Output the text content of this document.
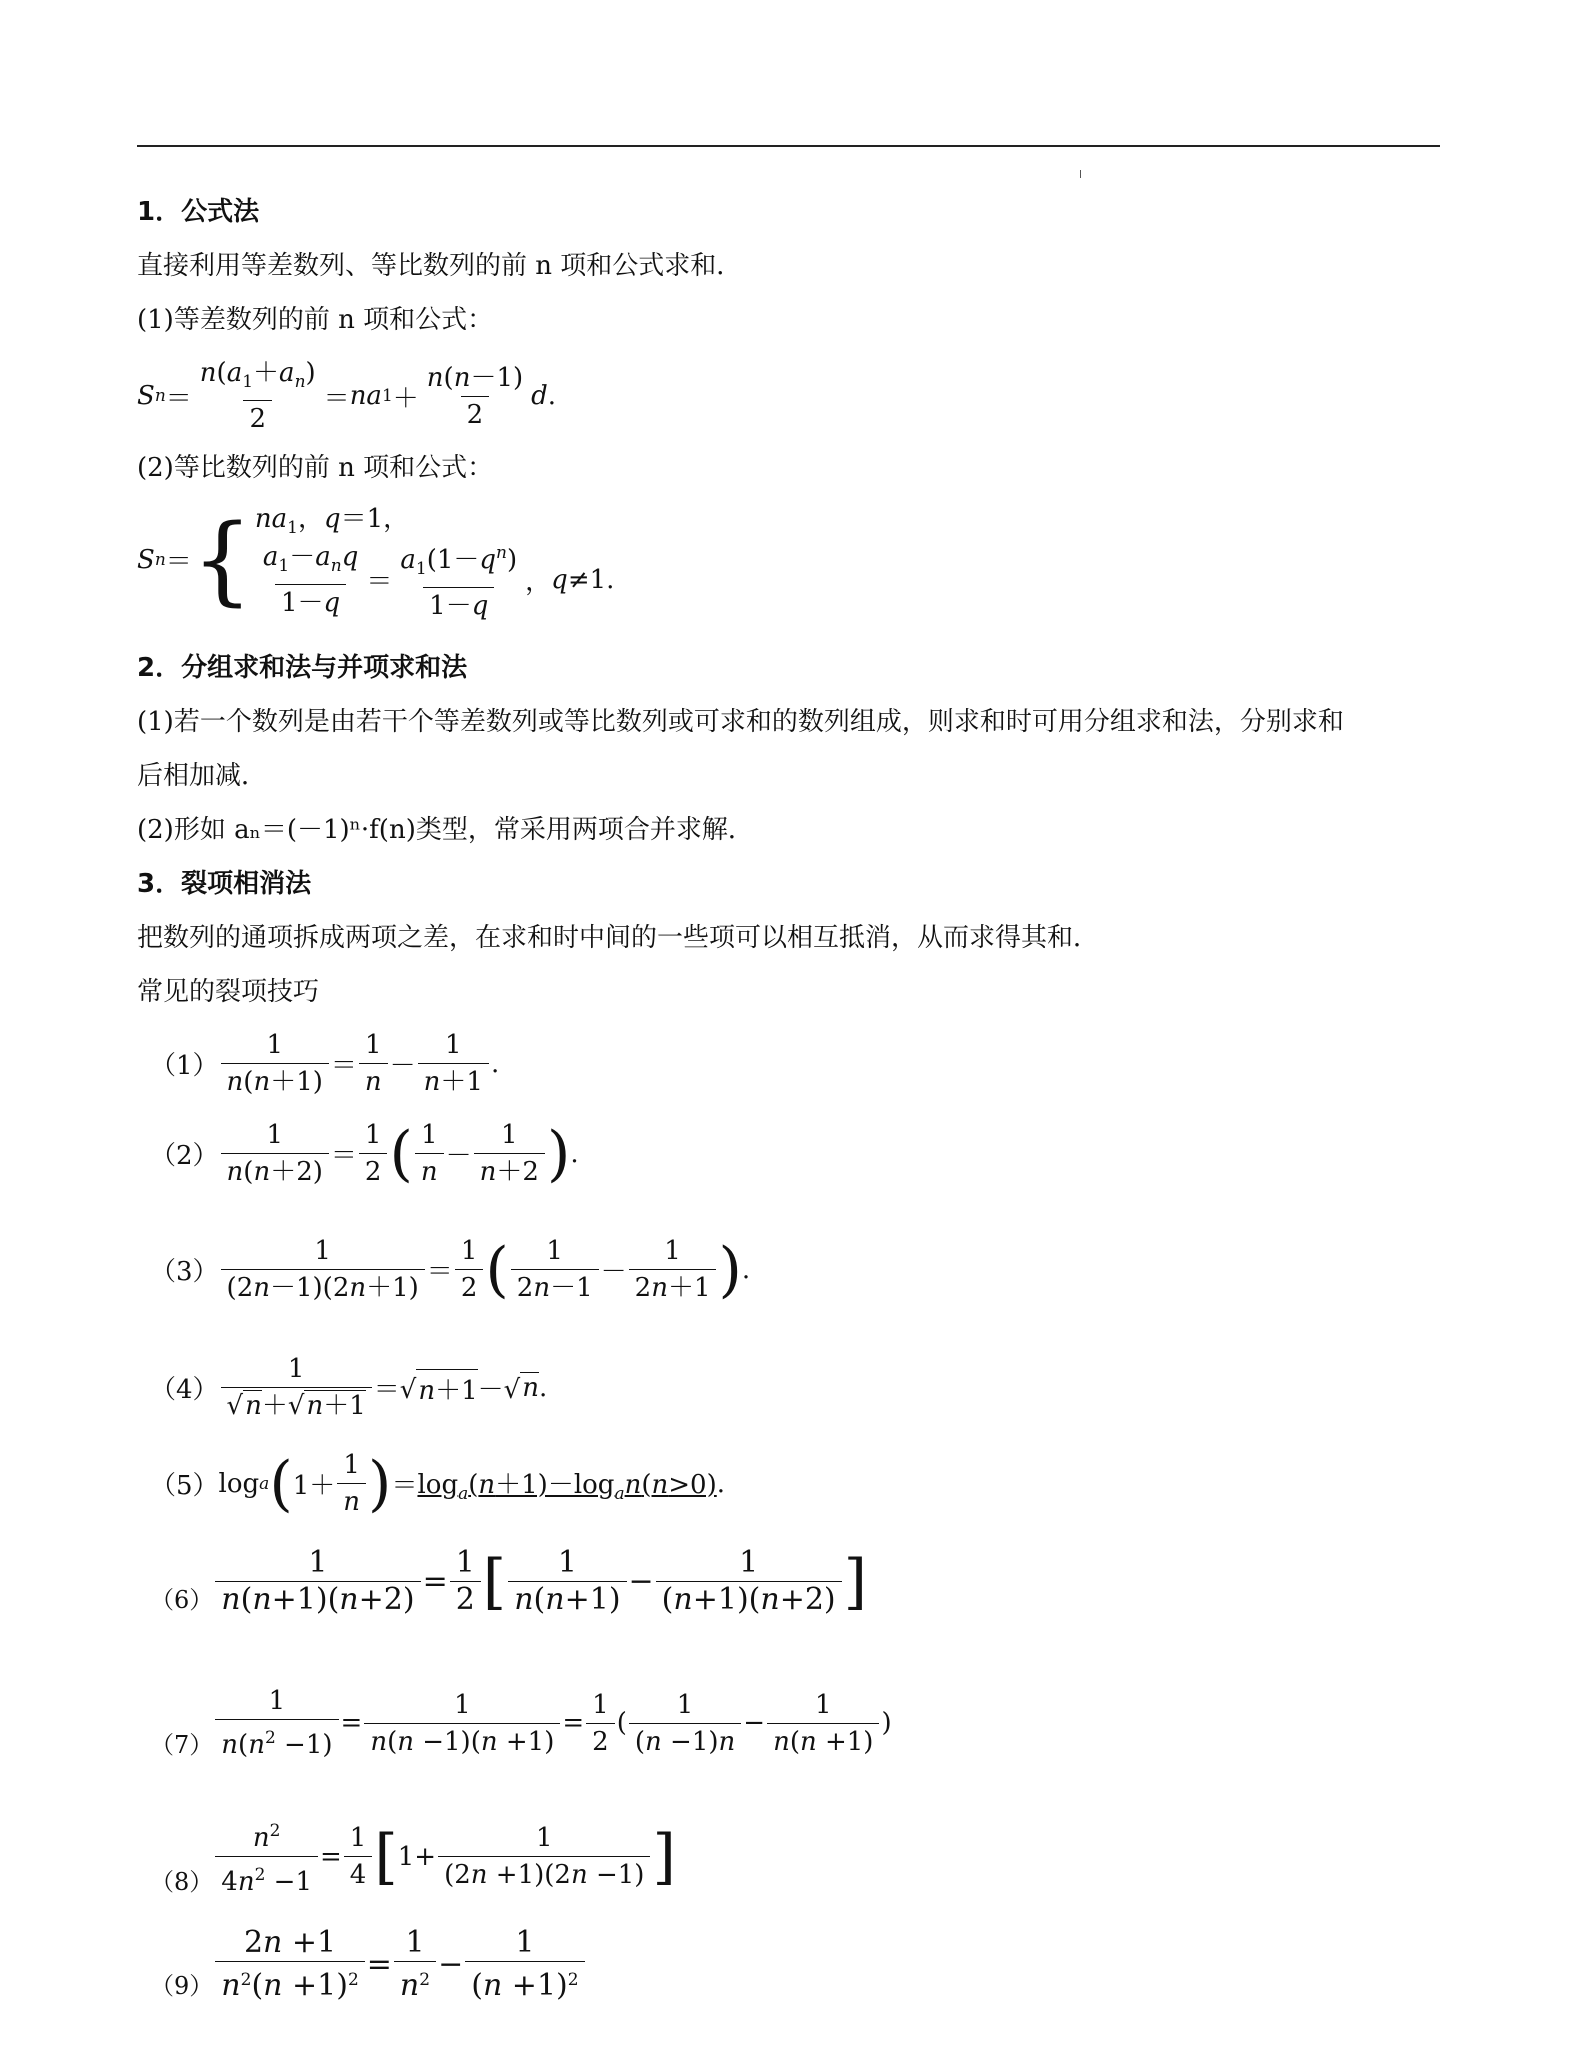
1．公式法
直接利用等差数列、等比数列的前 n 项和公式求和．
(1)等差数列的前 n 项和公式：
S $n = \frac{n(a_1+a_n)}{2}$ ＝ na $1 + \frac{n(n-1)}{2}$ d .
(2)等比数列的前 n 项和公式：
S n ＝ { $na_1$，q＝1，
$\frac{a_1-a_nq}{1-q} = \frac{a_1(1-q^n)}{1-q}$ ， q ≠1.
2．分组求和法与并项求和法
(1)若一个数列是由若干个等差数列或等比数列或可求和的数列组成，则求和时可用分组求和法，分别求和
后相加减．
(2)形如 aₙ＝(－1)ⁿ·f(n)类型，常采用两项合并求解．
3．裂项相消法
把数列的通项拆成两项之差，在求和时中间的一些项可以相互抵消，从而求得其和．
常见的裂项技巧
$(1) \frac{1}{n(n+1)} = \frac{1}{n} - \frac{1}{n+1}$ .
$(2) \frac{1}{n(n+2)} = \frac{1}{2}$ ( $\frac{1}{n} - \frac{1}{n+2}$ ) .
$(3) \frac{1}{(2n-1)(2n+1)} = \frac{1}{2}$ ( $\frac{1}{2n-1} - \frac{1}{2n+1}$ ) .
$(4) \frac{1}{√n+√n+1}$ ＝√ n＋1 －√ n .
（5） log a ( $1+ \frac{1}{n}$ ) ＝ $\log_a(n+1)-\log_an(n>0)$ .
$(6) \frac{1}{n(n+1)(n+2)} = \frac{1}{2}$ [ $\frac{1}{n(n+1)} - \frac{1}{(n+1)(n+2)}$ ]
$(7) \frac{1}{n(n^2 -1)} = \frac{1}{n(n -1)(n +1)} = \frac{1}{2}$ ( $\frac{1}{(n -1)n} - \frac{1}{n(n +1)}$ )
$(8) \frac{n^2}{4n^2 -1} = \frac{1}{4}$ [ $1+ \frac{1}{(2n +1)(2n -1)}$ ]
$(9) \frac{2n +1}{n^2(n +1)^2} = \frac{1}{n^2} - \frac{1}{(n +1)^2}$
